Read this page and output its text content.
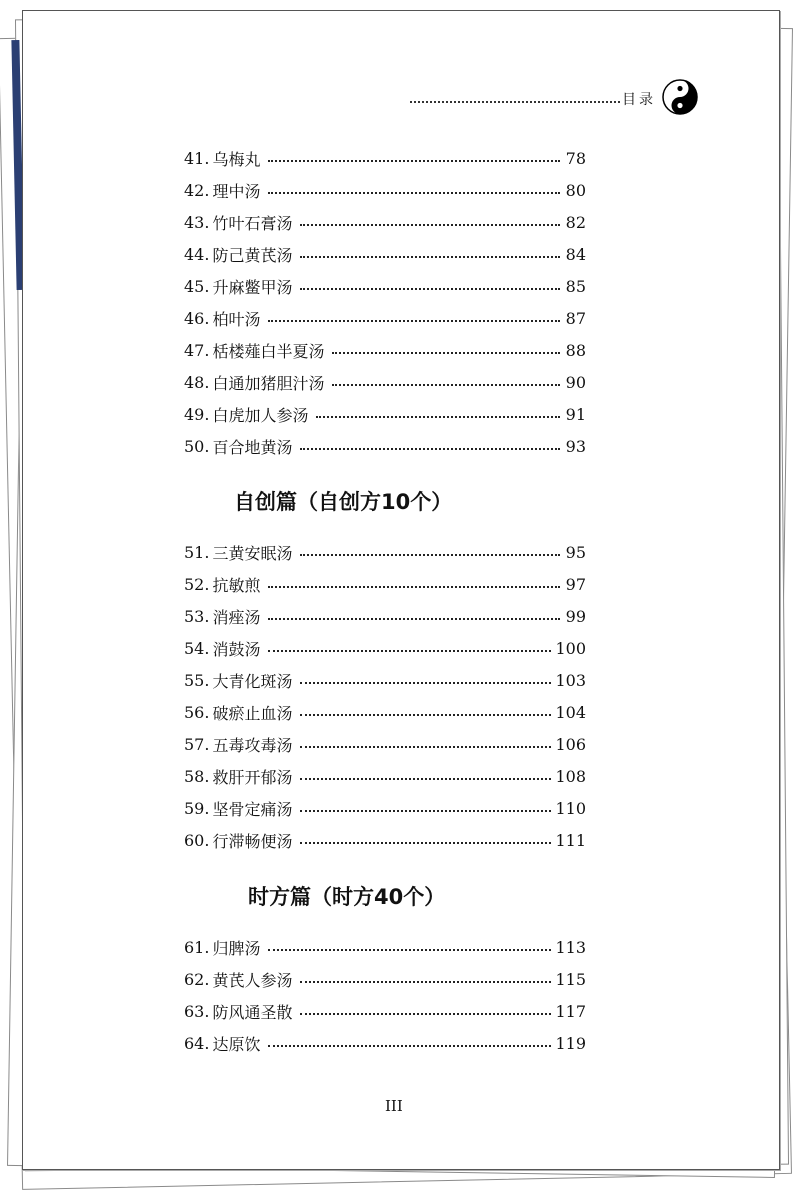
目录
41. 乌梅丸	78
42. 理中汤	80
43. 竹叶石膏汤	82
44. 防己黄芪汤	84
45. 升麻鳖甲汤	85
46. 柏叶汤	87
47. 栝楼薤白半夏汤	88
48. 白通加猪胆汁汤	90
49. 白虎加人参汤	91
50. 百合地黄汤	93
自创篇（自创方10个）
51. 三黄安眠汤	95
52. 抗敏煎	97
53. 消痤汤	99
54. 消鼓汤	100
55. 大青化斑汤	103
56. 破瘀止血汤	104
57. 五毒攻毒汤	106
58. 救肝开郁汤	108
59. 坚骨定痛汤	110
60. 行滞畅便汤	111
时方篇（时方40个）
61. 归脾汤	113
62. 黄芪人参汤	115
63. 防风通圣散	117
64. 达原饮	119
III
